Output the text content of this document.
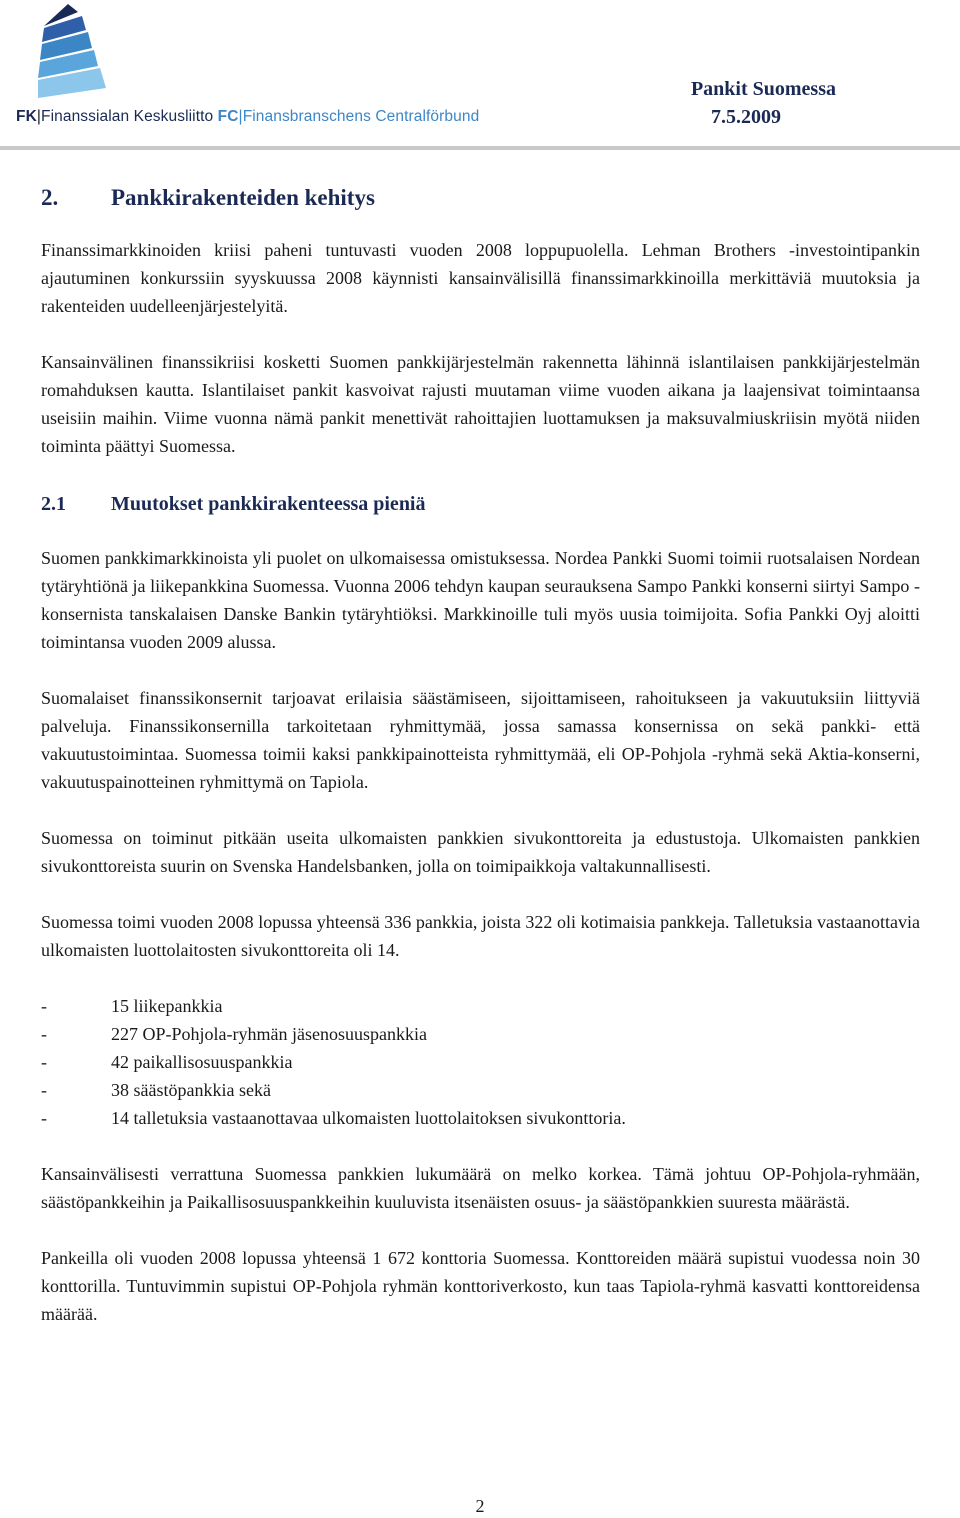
FK|Finanssialan Keskusliitto FC|Finansbranschens Centralförbund
Pankit Suomessa
7.5.2009
2.	Pankkirakenteiden kehitys

Finanssimarkkinoiden kriisi paheni tuntuvasti vuoden 2008 loppupuolella. Lehman Brothers -investointipankin ajautuminen konkurssiin syyskuussa 2008 käynnisti kansainvälisillä finanssimarkkinoilla merkittäviä muutoksia ja rakenteiden uudelleenjärjestelyitä.

Kansainvälinen finanssikriisi kosketti Suomen pankkijärjestelmän rakennetta lähinnä islantilaisen pankkijärjestelmän romahduksen kautta. Islantilaiset pankit kasvoivat rajusti muutaman viime vuoden aikana ja laajensivat toimintaansa useisiin maihin. Viime vuonna nämä pankit menettivät rahoittajien luottamuksen ja maksuvalmiuskriisin myötä niiden toiminta päättyi Suomessa.

2.1	Muutokset pankkirakenteessa pieniä

Suomen pankkimarkkinoista yli puolet on ulkomaisessa omistuksessa. Nordea Pankki Suomi toimii ruotsalaisen Nordean tytäryhtiönä ja liikepankkina Suomessa. Vuonna 2006 tehdyn kaupan seurauksena Sampo Pankki konserni siirtyi Sampo -konsernista tanskalaisen Danske Bankin tytäryhtiöksi. Markkinoille tuli myös uusia toimijoita. Sofia Pankki Oyj aloitti toimintansa vuoden 2009 alussa.

Suomalaiset finanssikonsernit tarjoavat erilaisia säästämiseen, sijoittamiseen, rahoitukseen ja vakuutuksiin liittyviä palveluja. Finanssikonsernilla tarkoitetaan ryhmittymää, jossa samassa konsernissa on sekä pankki- että vakuutustoimintaa. Suomessa toimii kaksi pankkipainotteista ryhmittymää, eli OP-Pohjola -ryhmä sekä Aktia-konserni, vakuutuspainotteinen ryhmittymä on Tapiola.

Suomessa on toiminut pitkään useita ulkomaisten pankkien sivukonttoreita ja edustustoja. Ulkomaisten pankkien sivukonttoreista suurin on Svenska Handelsbanken, jolla on toimipaikkoja valtakunnallisesti.

Suomessa toimi vuoden 2008 lopussa yhteensä 336 pankkia, joista 322 oli kotimaisia pankkeja. Talletuksia vastaanottavia ulkomaisten luottolaitosten sivukonttoreita oli 14.

-	15 liikepankkia
-	227 OP-Pohjola-ryhmän jäsenosuuspankkia
-	42 paikallisosuuspankkia
-	38 säästöpankkia sekä
-	14 talletuksia vastaanottavaa ulkomaisten luottolaitoksen sivukonttoria.

Kansainvälisesti verrattuna Suomessa pankkien lukumäärä on melko korkea. Tämä johtuu OP-Pohjola-ryhmään, säästöpankkeihin ja Paikallisosuuspankkeihin kuuluvista itsenäisten osuus- ja säästöpankkien suuresta määrästä.

Pankeilla oli vuoden 2008 lopussa yhteensä 1 672 konttoria Suomessa. Konttoreiden määrä supistui vuodessa noin 30 konttorilla. Tuntuvimmin supistui OP-Pohjola ryhmän konttoriverkosto, kun taas Tapiola-ryhmä kasvatti konttoreidensa määrää.

2
